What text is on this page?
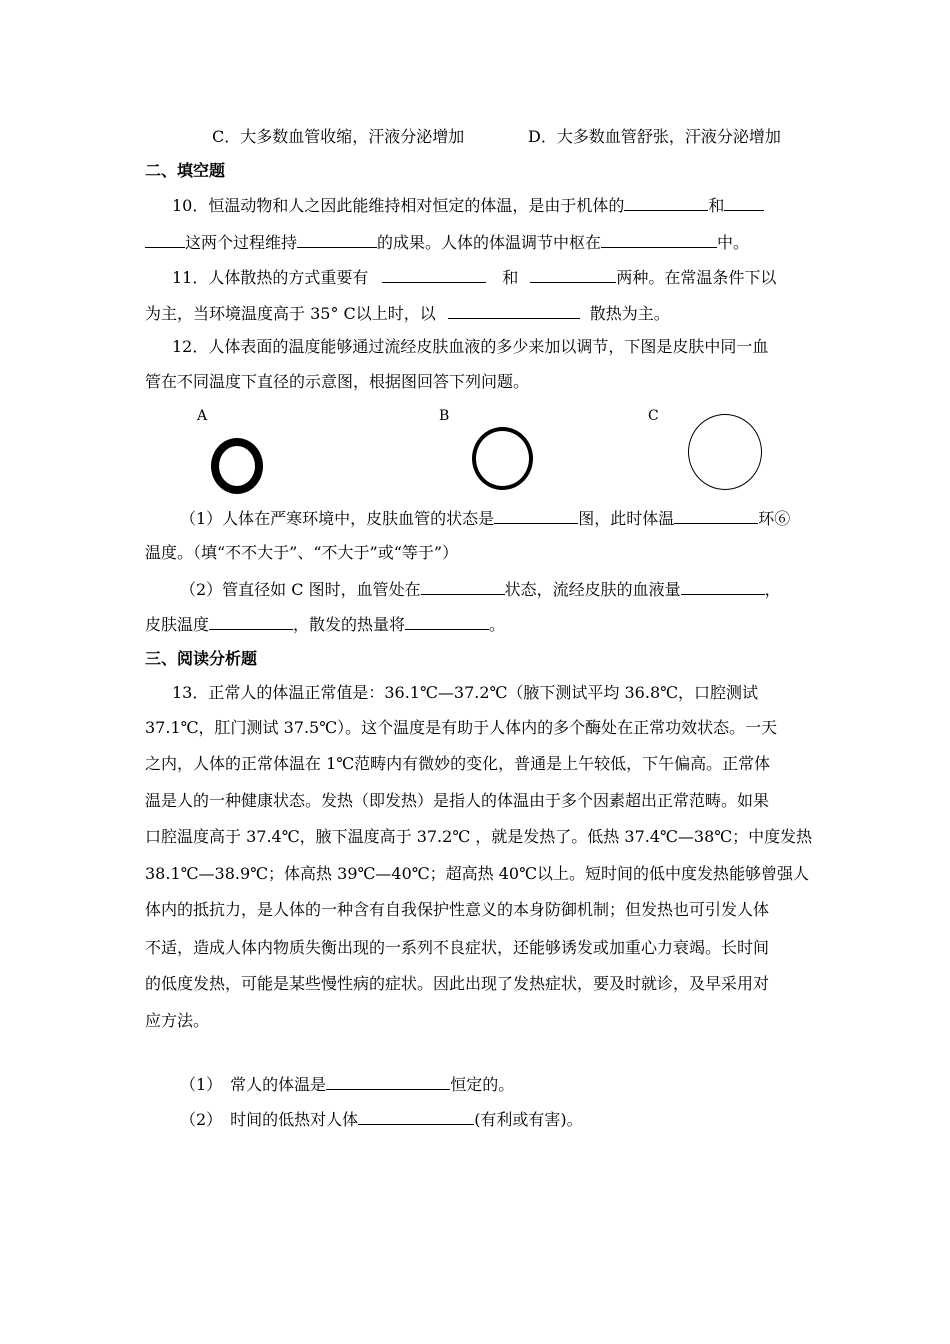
C．大多数血管收缩，汗液分泌增加	D．大多数血管舒张，汗液分泌增加
二、填空题
10．恒温动物和人之因此能维持相对恒定的体温，是由于机体的	和
这两个过程维持	的成果。人体的体温调节中枢在	中。
11．人体散热的方式重要有	和	两种。在常温条件下以
为主，当环境温度高于 35° C以上时，以	散热为主。
12．人体表面的温度能够通过流经皮肤血液的多少来加以调节，下图是皮肤中同一血
管在不同温度下直径的示意图，根据图回答下列问题。
A	B	C
（1）人体在严寒环境中，皮肤血管的状态是	图，此时体温	环⑥
温度。（填“不不大于”、“不大于”或“等于”）
（2）管直径如 C 图时，血管处在	状态，流经皮肤的血液量	，
皮肤温度	，散发的热量将	。
三、阅读分析题
13．正常人的体温正常值是：36.1℃—37.2℃（腋下测试平均 36.8℃，口腔测试
37.1℃，肛门测试 37.5℃）。这个温度是有助于人体内的多个酶处在正常功效状态。一天
之内，人体的正常体温在 1℃范畴内有微妙的变化，普通是上午较低，下午偏高。正常体
温是人的一种健康状态。发热（即发热）是指人的体温由于多个因素超出正常范畴。如果
口腔温度高于 37.4℃，腋下温度高于 37.2℃ ，就是发热了。低热 37.4℃—38℃；中度发热
38.1℃—38.9℃；体高热 39℃—40℃；超高热 40℃以上。短时间的低中度发热能够曾强人
体内的抵抗力，是人体的一种含有自我保护性意义的本身防御机制；但发热也可引发人体
不适，造成人体内物质失衡出现的一系列不良症状，还能够诱发或加重心力衰竭。长时间
的低度发热，可能是某些慢性病的症状。因此出现了发热症状，要及时就诊，及早采用对
应方法。
（1）　常人的体温是	恒定的。
（2）　时间的低热对人体	(有利或有害)。
